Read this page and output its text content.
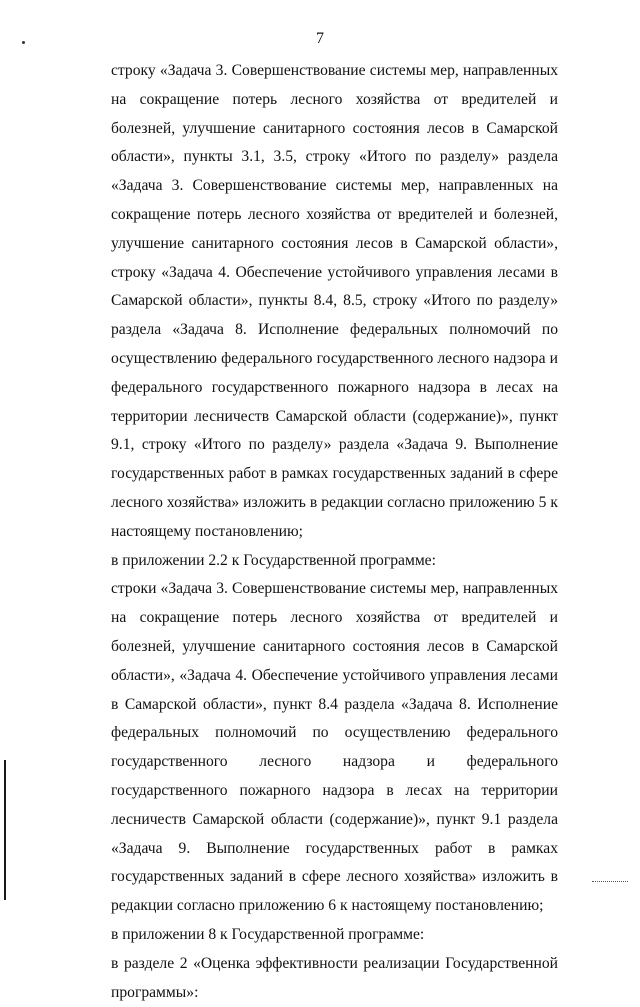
7

строку «Задача 3. Совершенствование системы мер, направленных на сокращение потерь лесного хозяйства от вредителей и болезней, улучшение санитарного состояния лесов в Самарской области», пункты 3.1, 3.5, строку «Итого по разделу» раздела «Задача 3. Совершенствование системы мер, направленных на сокращение потерь лесного хозяйства от вредителей и болезней, улучшение санитарного состояния лесов в Самарской области», строку «Задача 4. Обеспечение устойчивого управления лесами в Самарской области», пункты 8.4, 8.5, строку «Итого по разделу» раздела «Задача 8. Исполнение федеральных полномочий по осуществлению федерального государственного лесного надзора и федерального государственного пожарного надзора в лесах на территории лесничеств Самарской области (содержание)», пункт 9.1, строку «Итого по разделу» раздела «Задача 9. Выполнение государственных работ в рамках государственных заданий в сфере лесного хозяйства» изложить в редакции согласно приложению 5 к настоящему постановлению;

в приложении 2.2 к Государственной программе:

строки «Задача 3. Совершенствование системы мер, направленных на сокращение потерь лесного хозяйства от вредителей и болезней, улучшение санитарного состояния лесов в Самарской области», «Задача 4. Обеспечение устойчивого управления лесами в Самарской области», пункт 8.4 раздела «Задача 8. Исполнение федеральных полномочий по осуществлению федерального государственного лесного надзора и федерального государственного пожарного надзора в лесах на территории лесничеств Самарской области (содержание)», пункт 9.1 раздела «Задача 9. Выполнение государственных работ в рамках государственных заданий в сфере лесного хозяйства» изложить в редакции согласно приложению 6 к настоящему постановлению;

в приложении 8 к Государственной программе:

в разделе 2 «Оценка эффективности реализации Государственной программы»:
